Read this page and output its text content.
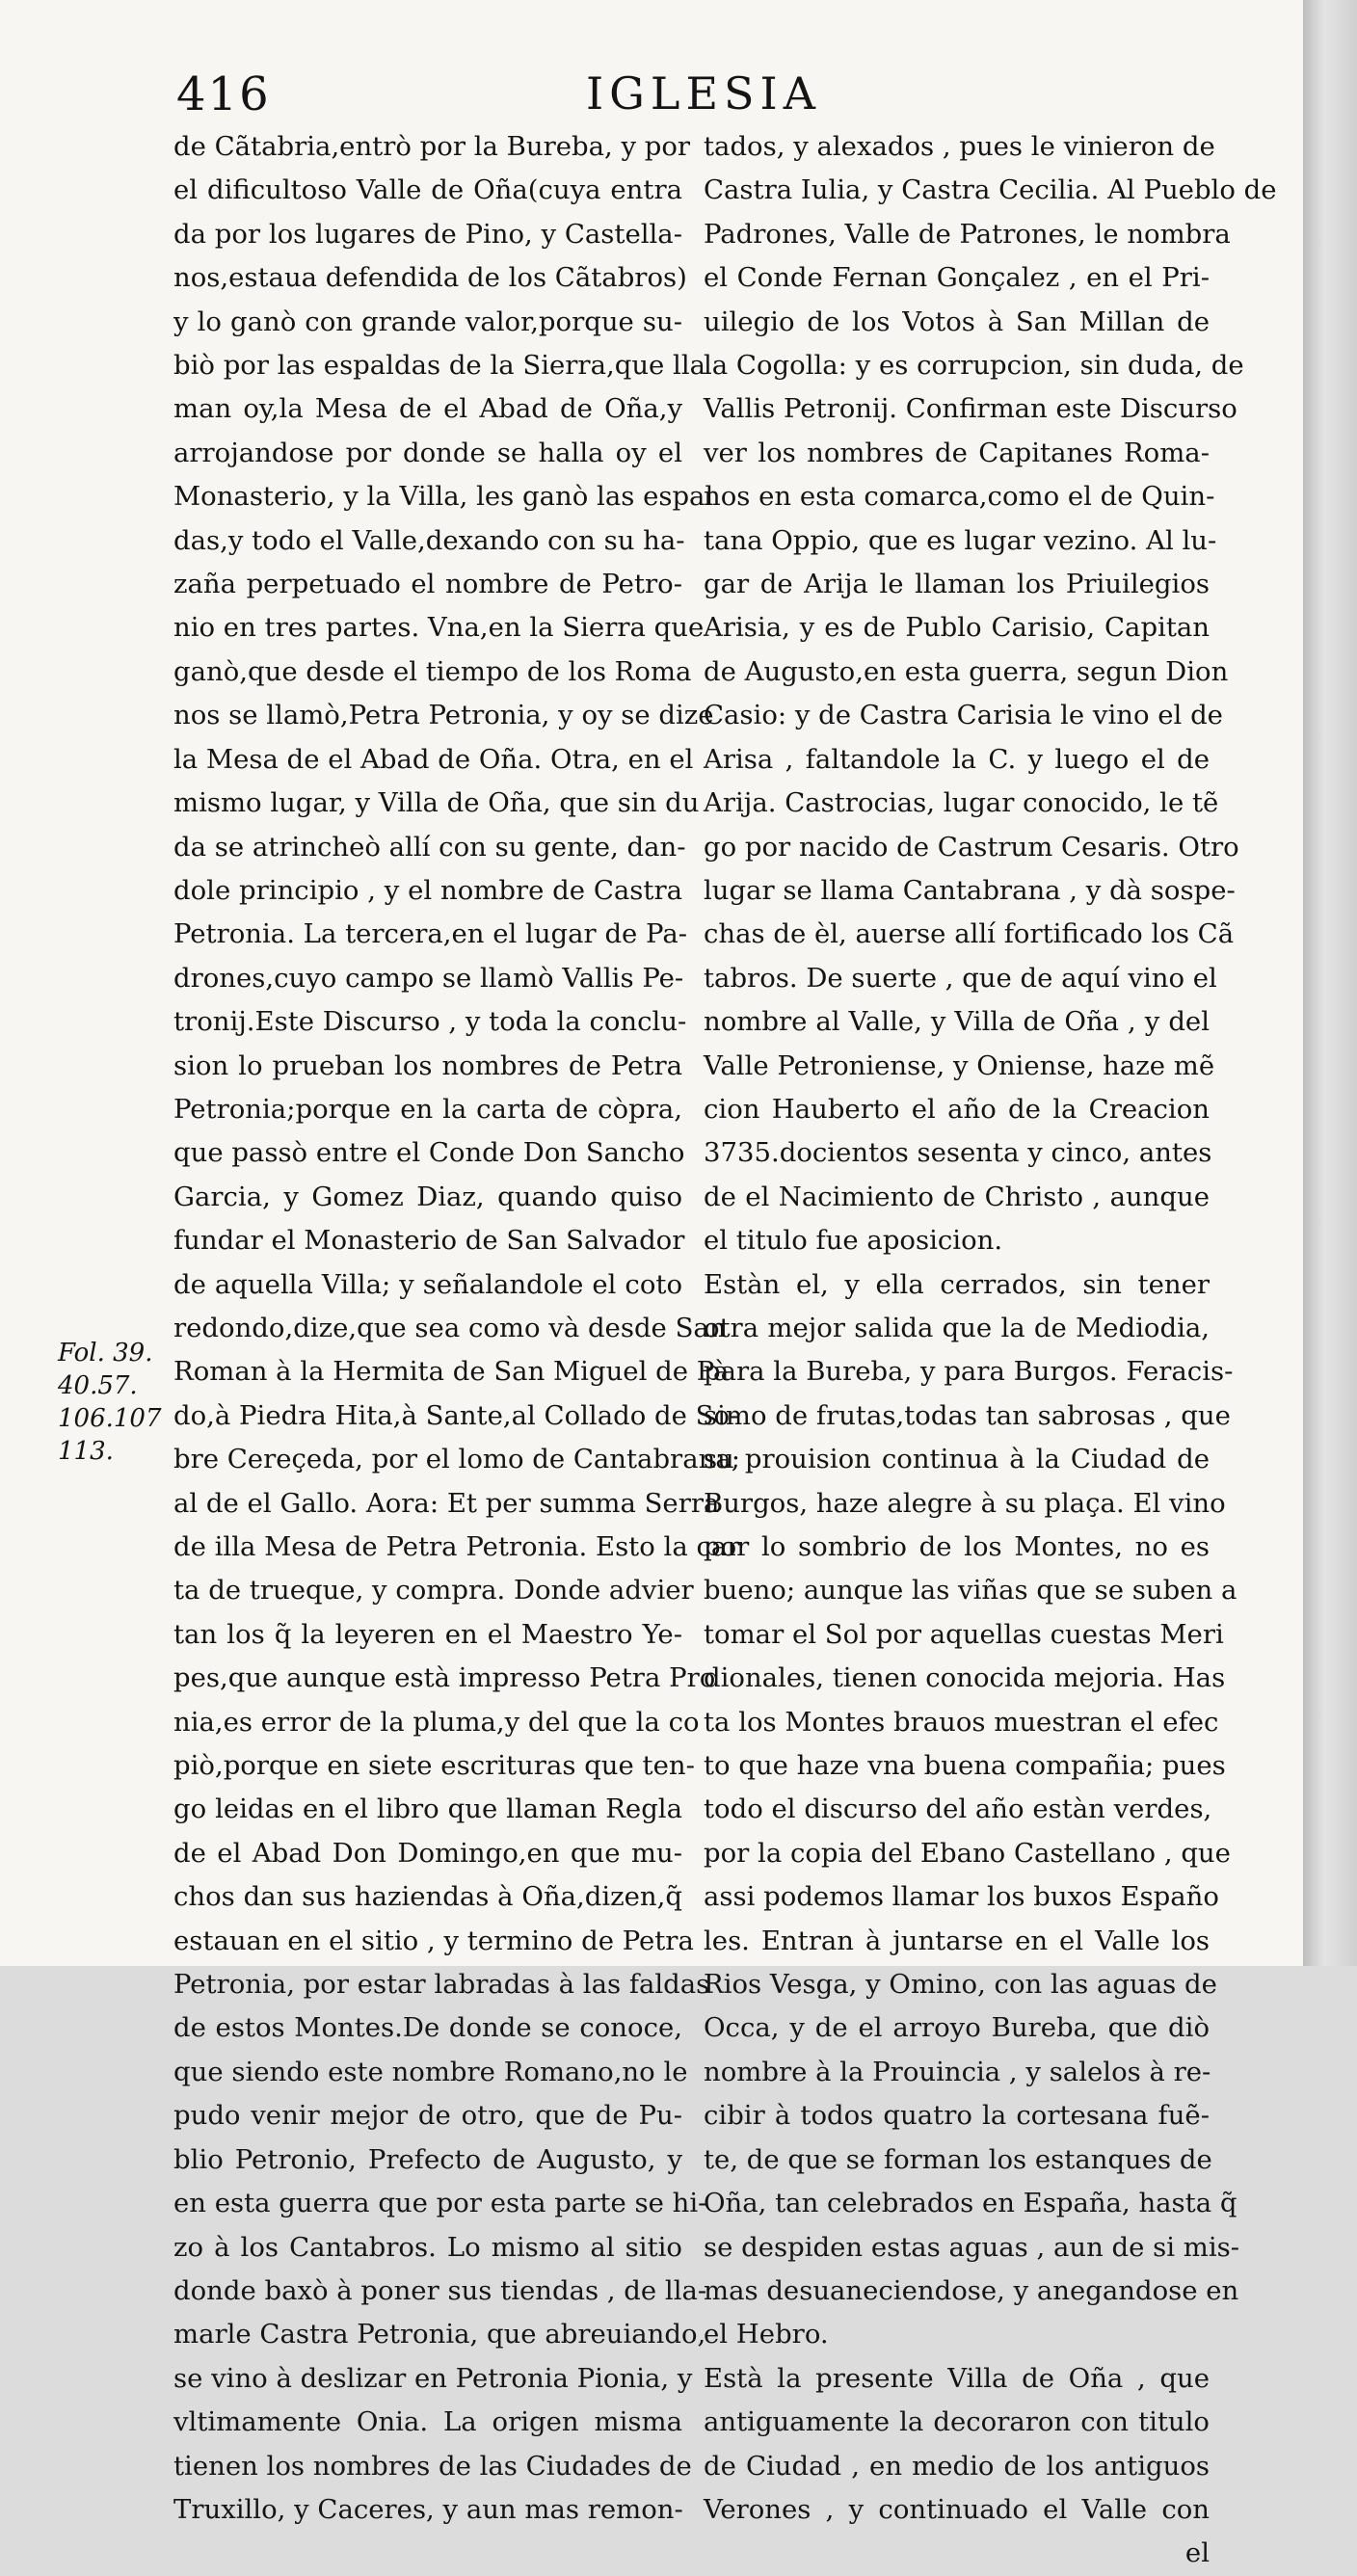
416	IGLESIA
de Cãtabria,entrò por la Bureba, y por
el dificultoso Valle de Oña(cuya entra
da por los lugares de Pino, y Castella-
nos,estaua defendida de los Cãtabros)
y lo ganò con grande valor,porque su-
biò por las espaldas de la Sierra,que lla
man oy,la Mesa de el Abad de Oña,y
arrojandose por donde se halla oy el
Monasterio, y la Villa, les ganò las espal
das,y todo el Valle,dexando con su ha-
zaña perpetuado el nombre de Petro-
nio en tres partes. Vna,en la Sierra que
ganò,que desde el tiempo de los Roma
nos se llamò,Petra Petronia, y oy se dize
la Mesa de el Abad de Oña. Otra, en el
mismo lugar, y Villa de Oña, que sin du
da se atrincheò allí con su gente, dan-
dole principio , y el nombre de Castra
Petronia. La tercera,en el lugar de Pa-
drones,cuyo campo se llamò Vallis Pe-
tronij.Este Discurso , y toda la conclu-
sion lo prueban los nombres de Petra
Petronia;porque en la carta de còpra,
que passò entre el Conde Don Sancho
Garcia, y Gomez Diaz, quando quiso
fundar el Monasterio de San Salvador
de aquella Villa; y señalandole el coto
redondo,dize,que sea como và desde San
Roman à la Hermita de San Miguel de Pà
do,à Piedra Hita,à Sante,al Collado de So-
bre Cereçeda, por el lomo de Cantabrana;
al de el Gallo. Aora: Et per summa Serra
de illa Mesa de Petra Petronia. Esto la car
ta de trueque, y compra. Donde advier
tan los q̃ la leyeren en el Maestro Ye-
pes,que aunque està impresso Petra Pro
nia,es error de la pluma,y del que la co
piò,porque en siete escrituras que ten-
go leidas en el libro que llaman Regla
de el Abad Don Domingo,en que mu-
chos dan sus haziendas à Oña,dizen,q̃
estauan en el sitio , y termino de Petra
Petronia, por estar labradas à las faldas
de estos Montes.De donde se conoce,
que siendo este nombre Romano,no le
pudo venir mejor de otro, que de Pu-
blio Petronio, Prefecto de Augusto, y
en esta guerra que por esta parte se hi-
zo à los Cantabros. Lo mismo al sitio
donde baxò à poner sus tiendas , de lla-
marle Castra Petronia, que abreuiando,
se vino à deslizar en Petronia Pionia, y
vltimamente Onia. La origen misma
tienen los nombres de las Ciudades de
Truxillo, y Caceres, y aun mas remon-
tados, y alexados , pues le vinieron de
Castra Iulia, y Castra Cecilia. Al Pueblo de
Padrones, Valle de Patrones, le nombra
el Conde Fernan Gonçalez , en el Pri-
uilegio de los Votos à San Millan de
la Cogolla: y es corrupcion, sin duda, de
Vallis Petronij. Confirman este Discurso
ver los nombres de Capitanes Roma-
nos en esta comarca,como el de Quin-
tana Oppio, que es lugar vezino. Al lu-
gar de Arija le llaman los Priuilegios
Arisia, y es de Publo Carisio, Capitan
de Augusto,en esta guerra, segun Dion
Casio: y de Castra Carisia le vino el de
Arisa , faltandole la C. y luego el de
Arija. Castrocias, lugar conocido, le tẽ
go por nacido de Castrum Cesaris. Otro
lugar se llama Cantabrana , y dà sospe-
chas de èl, auerse allí fortificado los Cã
tabros. De suerte , que de aquí vino el
nombre al Valle, y Villa de Oña , y del
Valle Petroniense, y Oniense, haze mẽ
cion Hauberto el año de la Creacion
3735.docientos sesenta y cinco, antes
de el Nacimiento de Christo , aunque
el titulo fue aposicion.
Estàn el, y ella cerrados, sin tener
otra mejor salida que la de Mediodia,
para la Bureba, y para Burgos. Feracis-
simo de frutas,todas tan sabrosas , que
su prouision continua à la Ciudad de
Burgos, haze alegre à su plaça. El vino
por lo sombrio de los Montes, no es
bueno; aunque las viñas que se suben a
tomar el Sol por aquellas cuestas Meri
dionales, tienen conocida mejoria. Has
ta los Montes brauos muestran el efec
to que haze vna buena compañia; pues
todo el discurso del año estàn verdes,
por la copia del Ebano Castellano , que
assi podemos llamar los buxos Españo
les. Entran à juntarse en el Valle los
Rios Vesga, y Omino, con las aguas de
Occa, y de el arroyo Bureba, que diò
nombre à la Prouincia , y salelos à re-
cibir à todos quatro la cortesana fuẽ-
te, de que se forman los estanques de
Oña, tan celebrados en España, hasta q̃
se despiden estas aguas , aun de si mis-
mas desuaneciendose, y anegandose en
el Hebro.
Està la presente Villa de Oña , que
antiguamente la decoraron con titulo
de Ciudad , en medio de los antiguos
Verones , y continuado el Valle con
el
Fol. 39.
40.57.
106.107
113.
